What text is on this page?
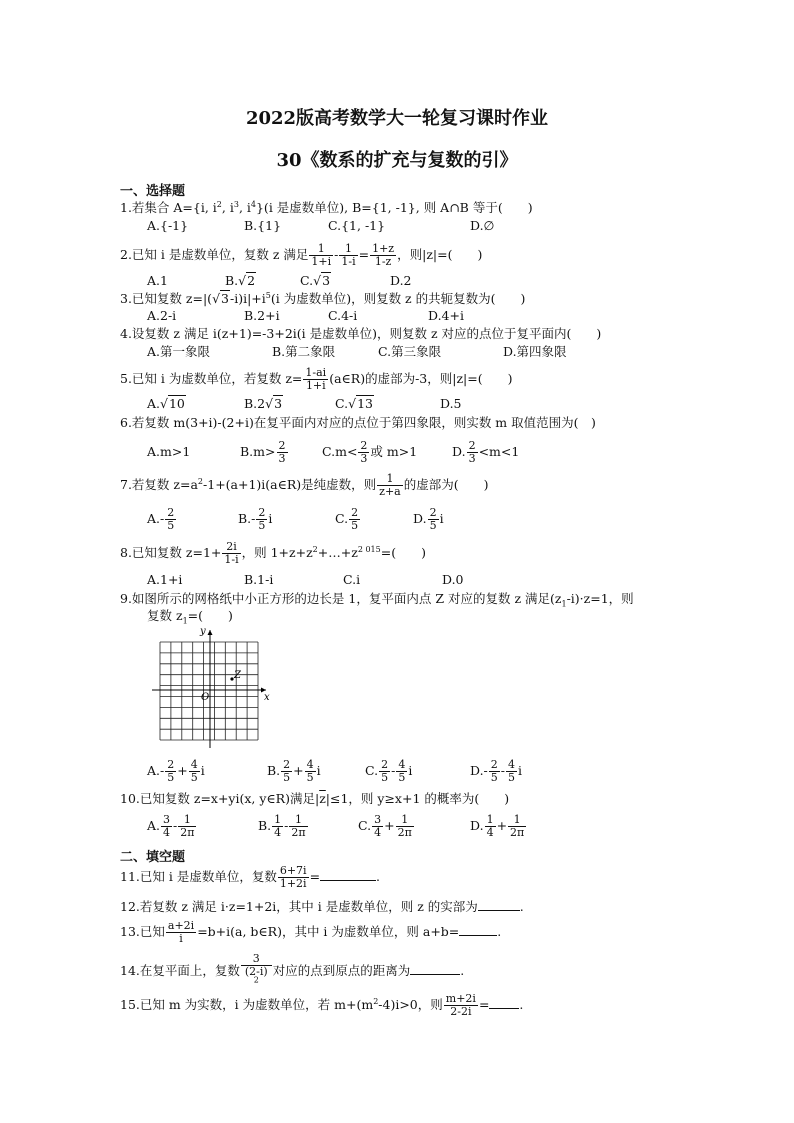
2022版高考数学大一轮复习课时作业
30《数系的扩充与复数的引》
一、选择题
1.若集合 A={i, $i^2$, $i^3$, $i^4\}(i$ 是虚数单位), B={1, -1}, 则 A∩B 等于(　　)
A.{-1}	B.{1}	C.{1, -1}	D.∅
2.已知 i 是虚数单位，复数 z 满足 $\frac{1}{1+i} - \frac{1}{1-i} = \frac{1+z}{1-z}$ ，则|z|=(　　)
A.1	B.√2	C.√3	D.2
3.已知复数 $z=|(√3-i)i|+i^5(i$ 为虚数单位)，则复数 z 的共轭复数为(　　)
A.2-i	B.2+i	C.4-i	D.4+i
4.设复数 z 满足 i(z+1)=-3+2i(i 是虚数单位)，则复数 z 对应的点位于复平面内(　　)
A.第一象限	B.第二象限	C.第三象限	D.第四象限
5.已知 i 为虚数单位，若复数 $z= \frac{1-ai}{1+i}$ (a∈R)的虚部为-3，则|z|=(　　)
A.√10	B.2√3	C.√13	D.5
6.若复数 m(3+i)-(2+i)在复平面内对应的点位于第四象限，则实数 m 取值范围为(　)
A.m>1	$B.m> \frac{2}{3}$	$C.m< \frac{2}{3}$ 或 m>1	D. $\frac{2}{3} <m<1$
7.若复数 $z=a^2-1+(a+1)i(a\in R)$是纯虚数，则 $\frac{1}{z+a}$ 的虚部为(　　)
$A.- \frac{2}{5}$	$B.- \frac{2}{5}$ i	C. $\frac{2}{5}$	D. $\frac{2}{5}$ i
8.已知复数 $z=1+ \frac{2i}{1-i}$ ，则 $1+z+z^2+\dots+z^{2 015}=$(　　)
A.1+i	B.1-i	C.i	D.0
9.如图所示的网格纸中小正方形的边长是 1，复平面内点 Z 对应的复数 z 满足$(z_1-i)\cdot z=1$，则
复数 $z_1=$(　　)
y
x
O
Z
$A.- \frac{2}{5} + \frac{4}{5}$ i	B. $\frac{2}{5} + \frac{4}{5}$ i	C. $\frac{2}{5} - \frac{4}{5}$ i	$D.- \frac{2}{5} - \frac{4}{5}$ i
10.已知复数 z=x+yi(x, y∈R)满足$|\overline{z}|\le 1$，则 y≥x+1 的概率为(　　)
A. $\frac{3}{4} - \frac{1}{2\pi}$	B. $\frac{1}{4} - \frac{1}{2\pi}$	C. $\frac{3}{4} + \frac{1}{2\pi}$	D. $\frac{1}{4} + \frac{1}{2\pi}$
二、填空题
11.已知 i 是虚数单位，复数 $\frac{6+7i}{1+2i}$ =	.
12.若复数 z 满足 i·z=1+2i，其中 i 是虚数单位，则 z 的实部为	.
13.已知 $\frac{a+2i}{i} =b+i(a$, b∈R)，其中 i 为虚数单位，则 a+b=	.
14.在复平面上，复数 3
(2-i)
$^2$ 对应的点到原点的距离为	.
15.已知 m 为实数，i 为虚数单位，若 $m+(m^2-4)i>0$，则 $\frac{m+2i}{2-2i}$ = .
